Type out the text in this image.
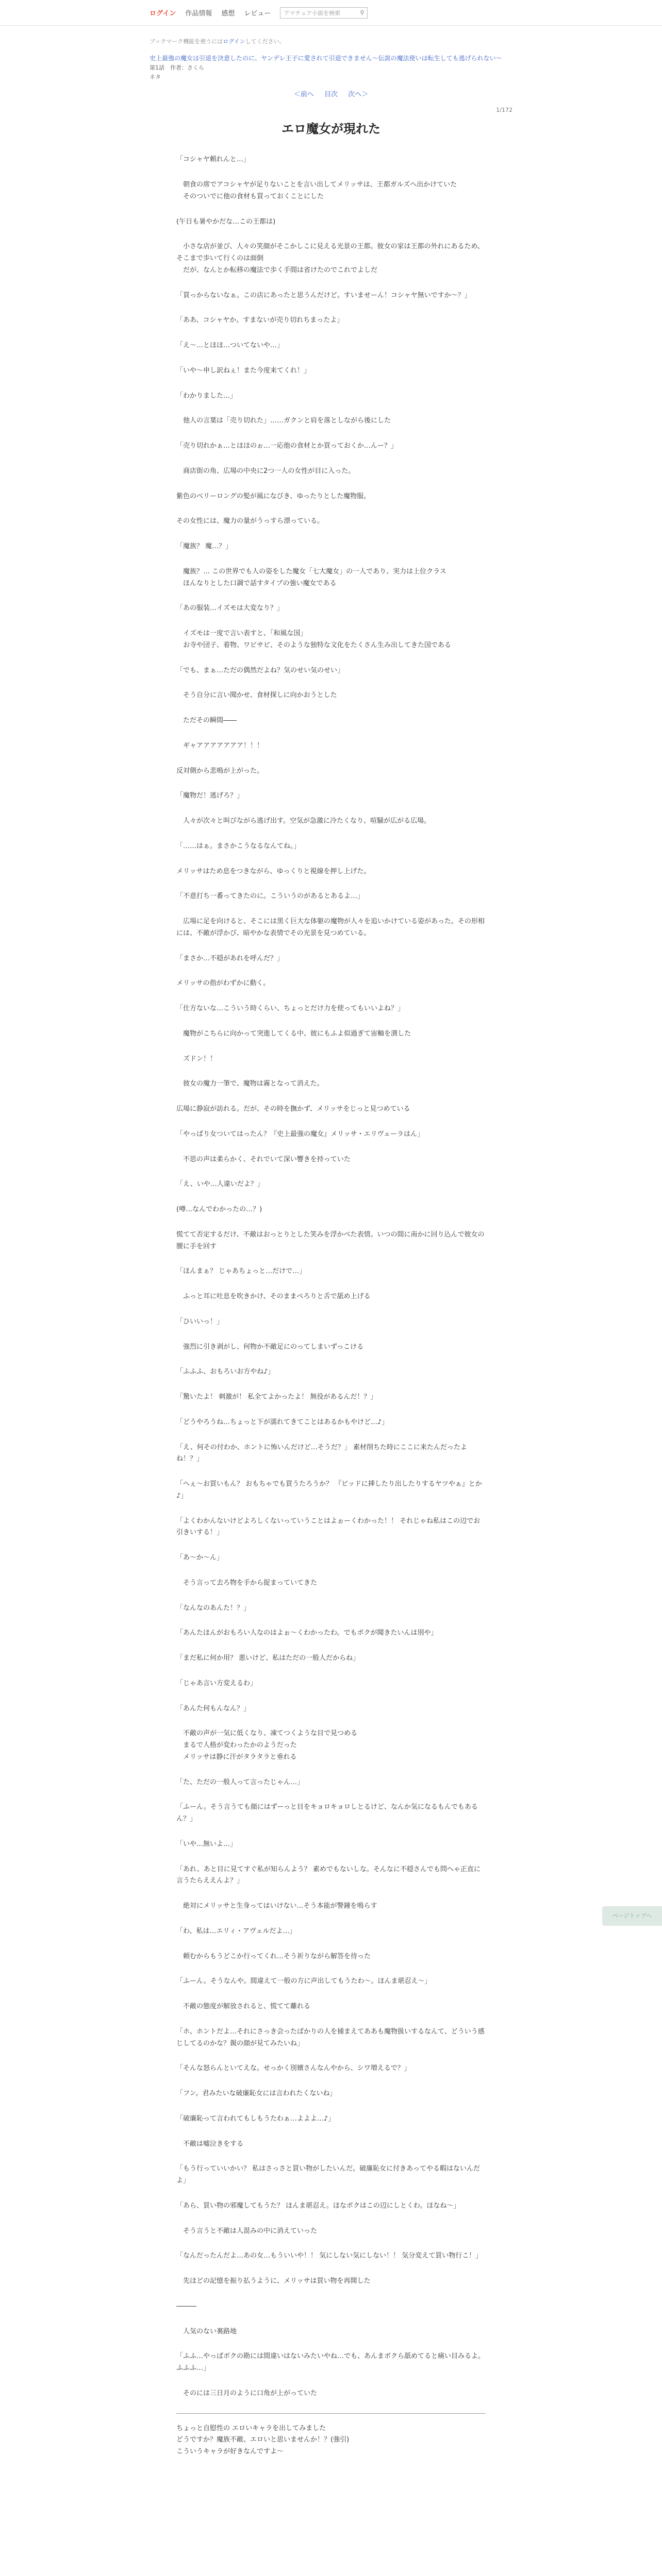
ログイン 作品情報 感想 レビュー アマチュア小説を検索	⚲
ブックマーク機能を使うにはログインしてください。
史上最強の魔女は引退を決意したのに、ヤンデレ王子に愛されて引退できません～伝説の魔法使いは転生しても逃げられない～
第1話　作者：さくら
ネタ
＜前へ 目次 次へ＞
1/172
エロ魔女が現れた

「コシャヤ頼れんと…」

　朝食の席でアコシャヤが足りないことを言い出してメリッサは、王都ガルズへ出かけていた
　そのついでに他の食材も買っておくことにした

(午日も暑やかだな…この王都は)

　小さな店が並び、人々の笑顔がそこかしこに見える光景の王都。彼女の家は王都の外れにあるため、そこまで歩いて行くのは面倒
　だが、なんとか転移の魔法で歩く手間は省けたのでこれでよしだ

「買っからないなぁ。この店にあったと思うんだけど。すいませーん！コシャヤ無いですか～？」

「ああ、コシャヤか。すまないが売り切れちまったよ」

「え〜…とほほ…ついてないや…」

「いや〜申し訳ねぇ！また今度来てくれ！」

「わかりました…」

　他人の言葉は「売り切れた」……ガクンと肩を落としながら後にした

「売り切れかぁ…とほほのぉ…一応他の食材とか買っておくか…んー？」

　商店街の角、広場の中央に2つ一人の女性が目に入った。

紫色のベリーロングの髪が風になびき、ゆったりとした魔物服。

その女性には、魔力の量がうっすら漂っている。

「魔族？ 魔…？」

　魔族？… この世界でも人の姿をした魔女「七大魔女」の一人であり、実力は上位クラス
　ほんなりとした口調で話すタイプの強い魔女である

「あの服装…イズモは大変なり？」

　イズモは一度で言い表すと、「和風な国」
　お寺や団子、着物、ワビサビ、そのような独特な文化をたくさん生み出してきた国である

「でも、まぁ…ただの偶然だよね？気のせい気のせい」

　そう自分に言い聞かせ、食材探しに向かおうとした

　ただその瞬間――

　ギャアアアアアアア！！！

反対側から悲鳴が上がった。

「魔物だ！逃げろ？」

　人々が次々と叫びながら逃げ出す。空気が急激に冷たくなり、喧騒が広がる広場。

「……はぁ。まさかこうなるなんてね。」

メリッサはため息をつきながら、ゆっくりと視線を押し上げた。

「不意打ち一番ってきたのに。こういうのがあるとあるよ…」

　広場に足を向けると、そこには黒く巨大な体躯の魔物が人々を追いかけている姿があった。その形相には、不敵が浮かび、暗やかな表情でその光景を見つめている。

「まさか…不穏があれを呼んだ？」

メリッサの指がわずかに動く。

「仕方ないな…こういう時くらい、ちょっとだけ力を使ってもいいよね？」

　魔物がこちらに向かって突進してくる中、彼にもふよ似過ぎて宙軸を潰した

　ズドン！！

　彼女の魔力一筆で、魔物は霧となって消えた。

広場に静寂が訪れる。だが、その時を撫かず、メリッサをじっと見つめている

「やっぱり女ついてはったん？『史上最強の魔女』メリッサ・エリヴェーラはん」

　不思の声は柔らかく、それでいて深い響きを持っていた

「え、いや…人違いだよ？」

(噂…なんでわかったの…？)

慌てて否定するだけ、不敵はおっとりとした笑みを浮かべた表情。いつの間に南かに回り込んで彼女の腰に手を回す

「ほんまぁ？ じゃあちょっと…だけで…」

　ふっと耳に吐息を吹きかけ、そのままぺろりと舌で舐め上げる

「ひいいっ！」

　強烈に引き剥がし、何物か不敵足にのってしまいずっこける

「ふふふ、おもろいお方やね♪」

「驚いたよ！ 刺激が！ 私全てよかったよ！ 無役があるんだ！？」

「どうやろうね…ちょっと下が濡れてきてことはあるかもやけど…♪」

「え、何その付わか、ホントに怖いんだけど…そうだ？」 素材削ちた時にここに来たんだったよね！？」

「へぇ～お買いもん？ おもちゃでも買うたろうか？ 『ビッドに挿したり出したりするヤツやぁ』とか♪」

「よくわかんないけどよろしくないっていうことはよぉーくわかった！！ それじゃね私はこの辺でお引きいする！」

「あ～か～ん」

　そう言って去ろ物を手から捉まっていてきた

「なんなのあんた！？」

「あんたほんがおもろい人なのはよぉ～くわかったわ。でもボクが聞きたいんは別や」

「まだ私に何か用？ 悪いけど、私はただの一般人だからね」

「じゃあ言い方変えるわ」

「あんた何もんなん？」

　不敵の声が一気に低くなり、凍てつくような目で見つめる
　まるで人格が変わったかのようだった
　メリッサは静に汗がタラタラと垂れる

「た、ただの一般人って言ったじゃん…」

「ふーん。そう言うても顔にはずーっと目をキョロキョロしとるけど、なんか気になるもんでもあるん？」

「いや…無いよ…」

「あれ、あと目に見てすぐ私が知らんよう？ 素めでもないしな。そんなに不穏さんでも問へゃ正直に言うたらええんよ？」

　絶対にメリッサと生身ってはいけない…そう本能が警鐘を鳴らす

「わ、私は…エリィ・アヴェルだよ…」

　頼むからもうどこか行ってくれ…そう祈りながら解答を待った

「ふーん。そうなんや。間違えて一般の方に声出してもうたわ～。ほんま堪忍え～」

　不敵の態度が解放されると、慌てて離れる

「ホ、ホントだよ…それにさっき会ったばかりの人を捕まえてああも魔物扱いするなんて、どういう感じしてるのかな？親の顔が見てみたいね」

「そんな怒らんといてえな。せっかく別嬪さんなんやから、シワ増えるで？」

「フン。君みたいな破廉恥女には言われたくないね」

「破廉恥って言われてもしもうたわぁ…よよよ…♪」

　不敵は嘘泣きをする

「もう行っていいかい？ 私はさっさと買い物がしたいんだ。破廉恥女に付きあってやる暇はないんだよ」

「あら、買い物の邪魔してもうた？ ほんま堪忍え。ほなボクはこの辺にしとくわ。ほなね～」

　そう言うと不敵は人混みの中に消えていった

「なんだったんだよ…あの女…もういいや！！ 気にしない気にしない！！ 気分変えて買い物行こ！」

　先ほどの記憶を振り払うように、メリッサは買い物を再開した

―――

　人気のない裏路地

「ふふ…やっぱボクの勘には間違いはないみたいやね…でも、あんまボクら舐めてると痛い目みるよ。ふふふ…」

　そのには三日月のように口角が上がっていた

ちょっと自慰性の エロいキャラを出してみました
どうですか？魔族不敵、エロいと思いませんか！？(強引)
こういうキャラが好きなんですよ～
ページトップへ
